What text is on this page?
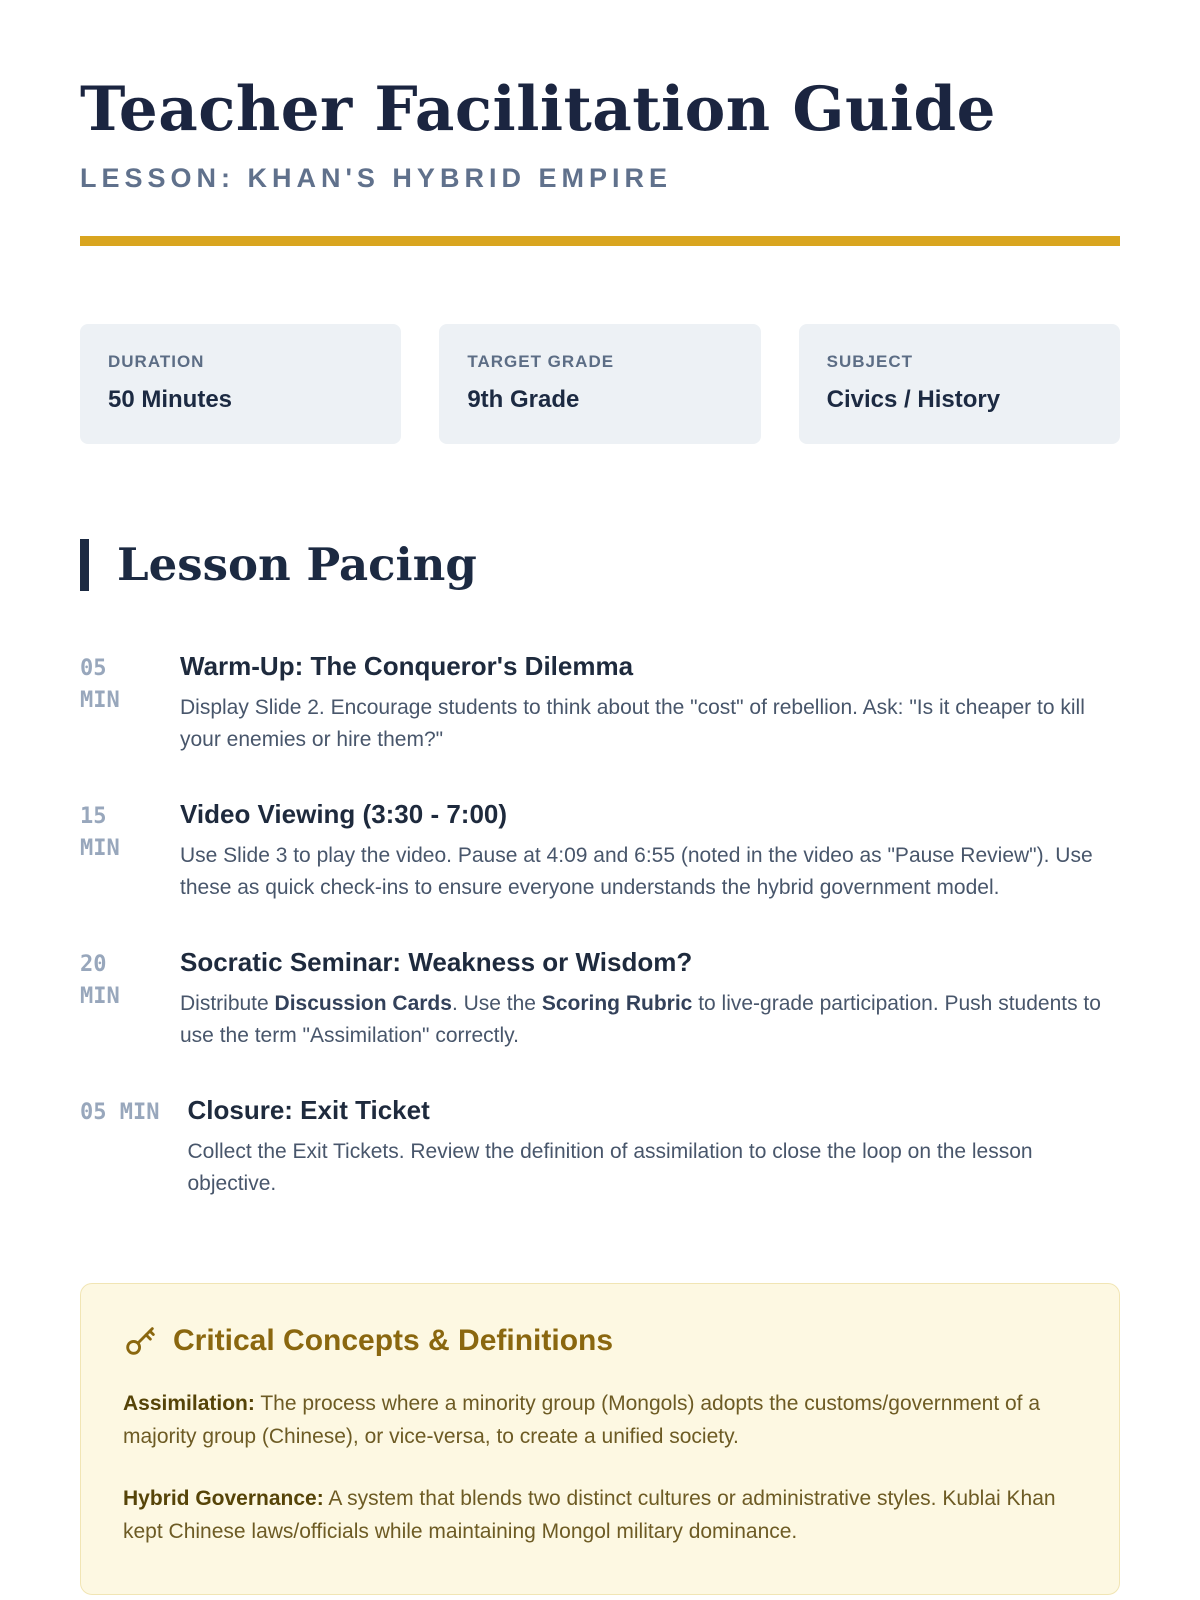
Teacher Facilitation Guide
LESSON: KHAN'S HYBRID EMPIRE
DURATION
50 Minutes
TARGET GRADE
9th Grade
SUBJECT
Civics / History
Lesson Pacing
05
MIN
Warm-Up: The Conqueror's Dilemma
Display Slide 2. Encourage students to think about the "cost" of rebellion. Ask: "Is it cheaper to kill your enemies or hire them?"
15
MIN
Video Viewing (3:30 - 7:00)
Use Slide 3 to play the video. Pause at 4:09 and 6:55 (noted in the video as "Pause Review"). Use these as quick check-ins to ensure everyone understands the hybrid government model.
20
MIN
Socratic Seminar: Weakness or Wisdom?
Distribute Discussion Cards. Use the Scoring Rubric to live-grade participation. Push students to use the term "Assimilation" correctly.
05 MIN Closure: Exit Ticket
Collect the Exit Tickets. Review the definition of assimilation to close the loop on the lesson objective.
Critical Concepts & Definitions

Assimilation: The process where a minority group (Mongols) adopts the customs/government of a majority group (Chinese), or vice-versa, to create a unified society.

Hybrid Governance: A system that blends two distinct cultures or administrative styles. Kublai Khan kept Chinese laws/officials while maintaining Mongol military dominance.
